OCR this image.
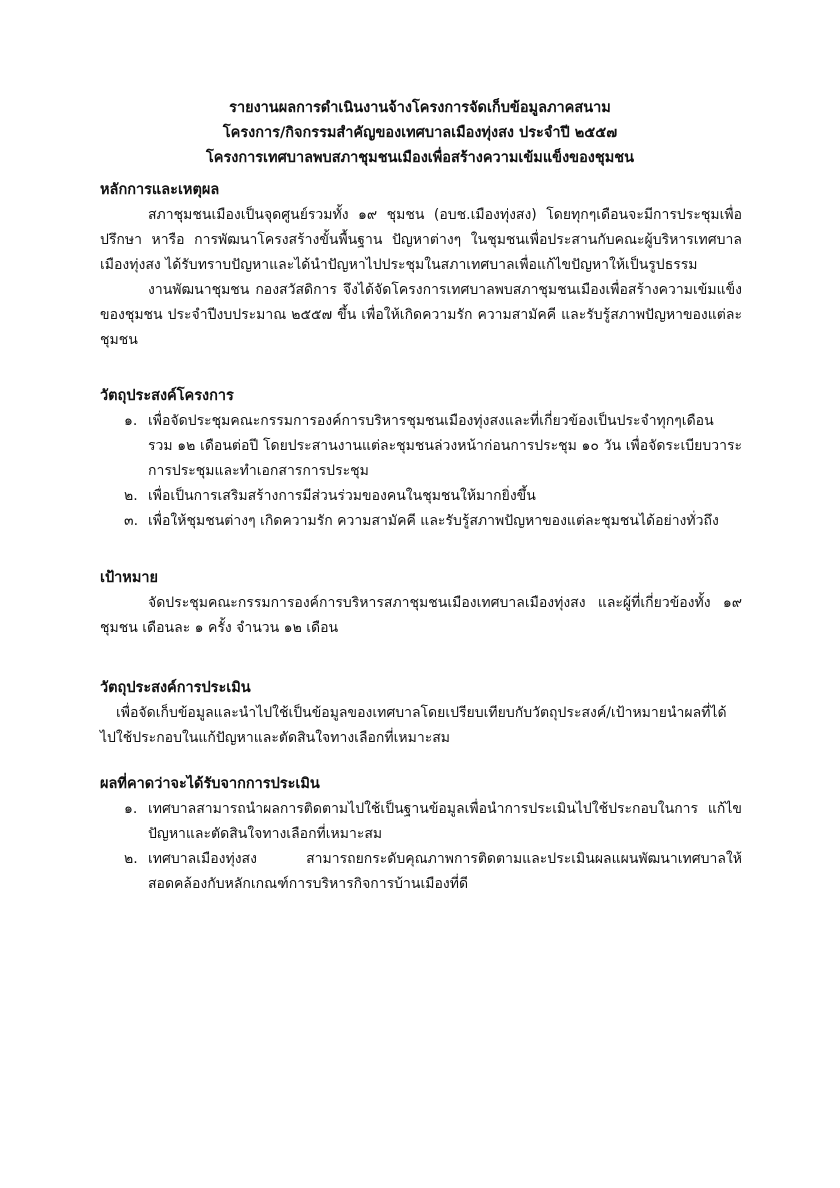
รายงานผลการดำเนินงานจ้างโครงการจัดเก็บข้อมูลภาคสนาม
โครงการ/กิจกรรมสำคัญของเทศบาลเมืองทุ่งสง ประจำปี ๒๕๕๗
โครงการเทศบาลพบสภาชุมชนเมืองเพื่อสร้างความเข้มแข็งของชุมชน
หลักการและเหตุผล

สภาชุมชนเมืองเป็นจุดศูนย์รวมทั้ง ๑๙ ชุมชน (อบช.เมืองทุ่งสง) โดยทุกๆเดือนจะมีการประชุมเพื่อปรึกษา หารือ การพัฒนาโครงสร้างขั้นพื้นฐาน ปัญหาต่างๆ ในชุมชนเพื่อประสานกับคณะผู้บริหารเทศบาลเมืองทุ่งสง ได้รับทราบปัญหาและได้นำปัญหาไปประชุมในสภาเทศบาลเพื่อแก้ไขปัญหาให้เป็นรูปธรรม

งานพัฒนาชุมชน กองสวัสดิการ จึงได้จัดโครงการเทศบาลพบสภาชุมชนเมืองเพื่อสร้างความเข้มแข็งของชุมชน ประจำปีงบประมาณ ๒๕๕๗ ขึ้น เพื่อให้เกิดความรัก ความสามัคคี และรับรู้สภาพปัญหาของแต่ละชุมชน

วัตถุประสงค์โครงการ
๑. เพื่อจัดประชุมคณะกรรมการองค์การบริหารชุมชนเมืองทุ่งสงและที่เกี่ยวข้องเป็นประจำทุกๆเดือน รวม ๑๒ เดือนต่อปี โดยประสานงานแต่ละชุมชนล่วงหน้าก่อนการประชุม ๑๐ วัน เพื่อจัดระเบียบวาระการประชุมและทำเอกสารการประชุม
๒. เพื่อเป็นการเสริมสร้างการมีส่วนร่วมของคนในชุมชนให้มากยิ่งขึ้น
๓. เพื่อให้ชุมชนต่างๆ เกิดความรัก ความสามัคคี และรับรู้สภาพปัญหาของแต่ละชุมชนได้อย่างทั่วถึง
เป้าหมาย

จัดประชุมคณะกรรมการองค์การบริหารสภาชุมชนเมืองเทศบาลเมืองทุ่งสง และผู้ที่เกี่ยวข้องทั้ง ๑๙ ชุมชน เดือนละ ๑ ครั้ง จำนวน ๑๒ เดือน

วัตถุประสงค์การประเมิน

เพื่อจัดเก็บข้อมูลและนำไปใช้เป็นข้อมูลของเทศบาลโดยเปรียบเทียบกับวัตถุประสงค์/เป้าหมายนำผลที่ได้ไปใช้ประกอบในแก้ปัญหาและตัดสินใจทางเลือกที่เหมาะสม

ผลที่คาดว่าจะได้รับจากการประเมิน
๑. เทศบาลสามารถนำผลการติดตามไปใช้เป็นฐานข้อมูลเพื่อนำการประเมินไปใช้ประกอบในการ แก้ไขปัญหาและตัดสินใจทางเลือกที่เหมาะสม
๒. เทศบาลเมืองทุ่งสง สามารถยกระดับคุณภาพการติดตามและประเมินผลแผนพัฒนาเทศบาลให้สอดคล้องกับหลักเกณฑ์การบริหารกิจการบ้านเมืองที่ดี
